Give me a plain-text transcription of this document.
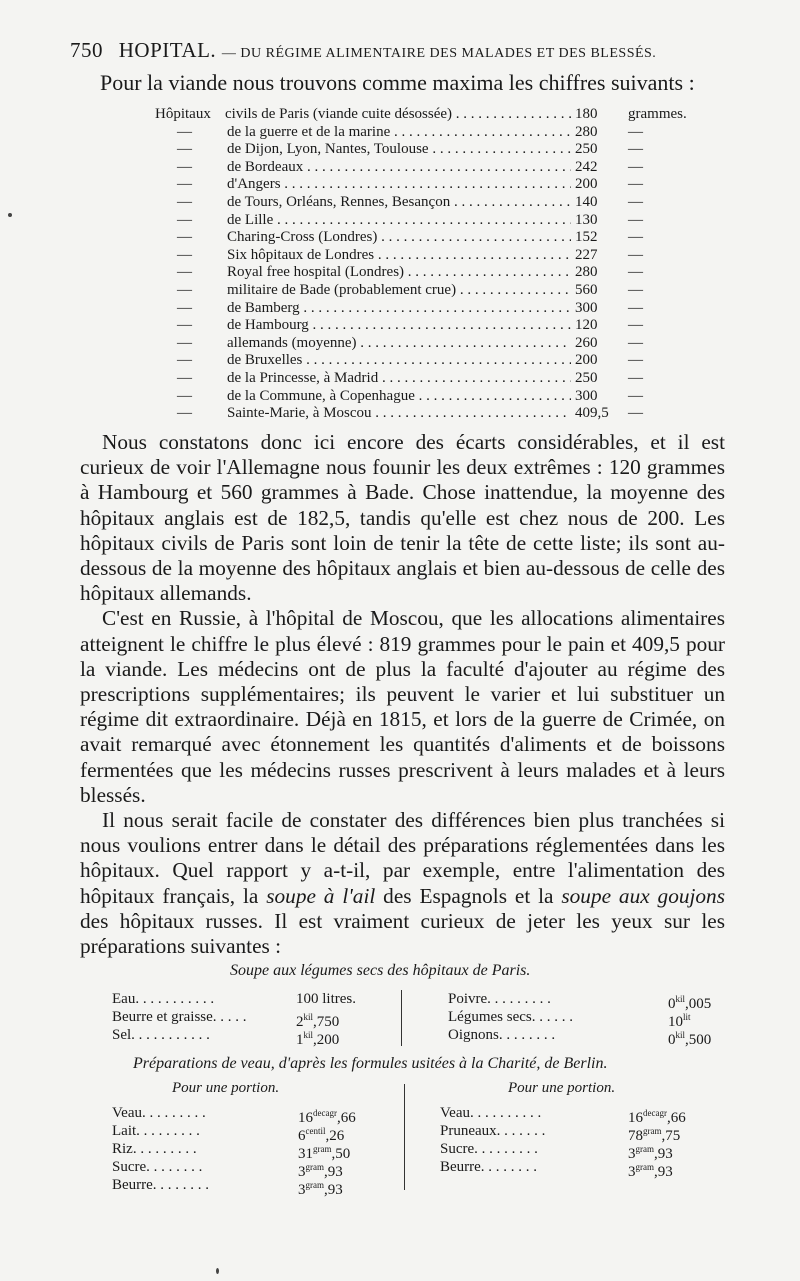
750 HOPITAL. — DU RÉGIME ALIMENTAIRE DES MALADES ET DES BLESSÉS.
Pour la viande nous trouvons comme maxima les chiffres suivants :
Hôpitaux civils de Paris (viande cuite désossée) . . .	180	grammes.
— de la guerre et de la marine . . .	280	—
— de Dijon, Lyon, Nantes, Toulouse . . .	250	—
— de Bordeaux . . .	242	—
— d'Angers . . .	200	—
— de Tours, Orléans, Rennes, Besançon . . .	140	—
— de Lille . . .	130	—
— Charing-Cross (Londres) . . .	152	—
— Six hôpitaux de Londres . . .	227	—
— Royal free hospital (Londres) . . .	280	—
— militaire de Bade (probablement crue) . . .	560	—
— de Bamberg . . .	300	—
— de Hambourg . . .	120	—
— allemands (moyenne) . . .	260	—
— de Bruxelles . . .	200	—
— de la Princesse, à Madrid . . .	250	—
— de la Commune, à Copenhague . . .	300	—
— Sainte-Marie, à Moscou . . .	409,5	—

Nous constatons donc ici encore des écarts considérables, et il est curieux de voir l'Allemagne nous fouınir les deux extrêmes : 120 grammes à Hambourg et 560 grammes à Bade. Chose inattendue, la moyenne des hôpitaux anglais est de 182,5, tandis qu'elle est chez nous de 200. Les hôpitaux civils de Paris sont loin de tenir la tête de cette liste; ils sont au-dessous de la moyenne des hôpitaux anglais et bien au-dessous de celle des hôpitaux allemands.

C'est en Russie, à l'hôpital de Moscou, que les allocations alimentaires atteignent le chiffre le plus élevé : 819 grammes pour le pain et 409,5 pour la viande. Les médecins ont de plus la faculté d'ajouter au régime des prescriptions supplémentaires; ils peuvent le varier et lui substituer un régime dit extraordinaire. Déjà en 1815, et lors de la guerre de Crimée, on avait remarqué avec étonnement les quantités d'aliments et de boissons fermentées que les médecins russes prescrivent à leurs malades et à leurs blessés.

Il nous serait facile de constater des différences bien plus tranchées si nous voulions entrer dans le détail des préparations réglementées dans les hôpitaux. Quel rapport y a-t-il, par exemple, entre l'alimentation des hôpitaux français, la soupe à l'ail des Espagnols et la soupe aux goujons des hôpitaux russes. Il est vraiment curieux de jeter les yeux sur les préparations suivantes :

Soupe aux légumes secs des hôpitaux de Paris.
Eau. . . . . . . . . . .	100 litres.
Beurre et graisse. . . . .	$2^{kil},750$
Sel. . . . . . . . . . .	$1^{kil},200$
Poivre. . . . . . . . .	$0^{kil},005$
Légumes secs. . . . . .	$10^{lit}$
Oignons. . . . . . . .	$0^{kil},500$
Préparations de veau, d'après les formules usitées à la Charité, de Berlin.
Pour une portion.	Pour une portion.
Veau. . . . . . . . .	$16^{decagr},66$
Lait. . . . . . . . .	$6^{centil},26$
Riz. . . . . . . . .	$31^{gram},50$
Sucre. . . . . . . .	$3^{gram},93$
Beurre. . . . . . . .	$3^{gram},93$
Veau. . . . . . . . . .	$16^{decagr},66$
Pruneaux. . . . . . .	$78^{gram},75$
Sucre. . . . . . . . .	$3^{gram},93$
Beurre. . . . . . . .	$3^{gram},93$
